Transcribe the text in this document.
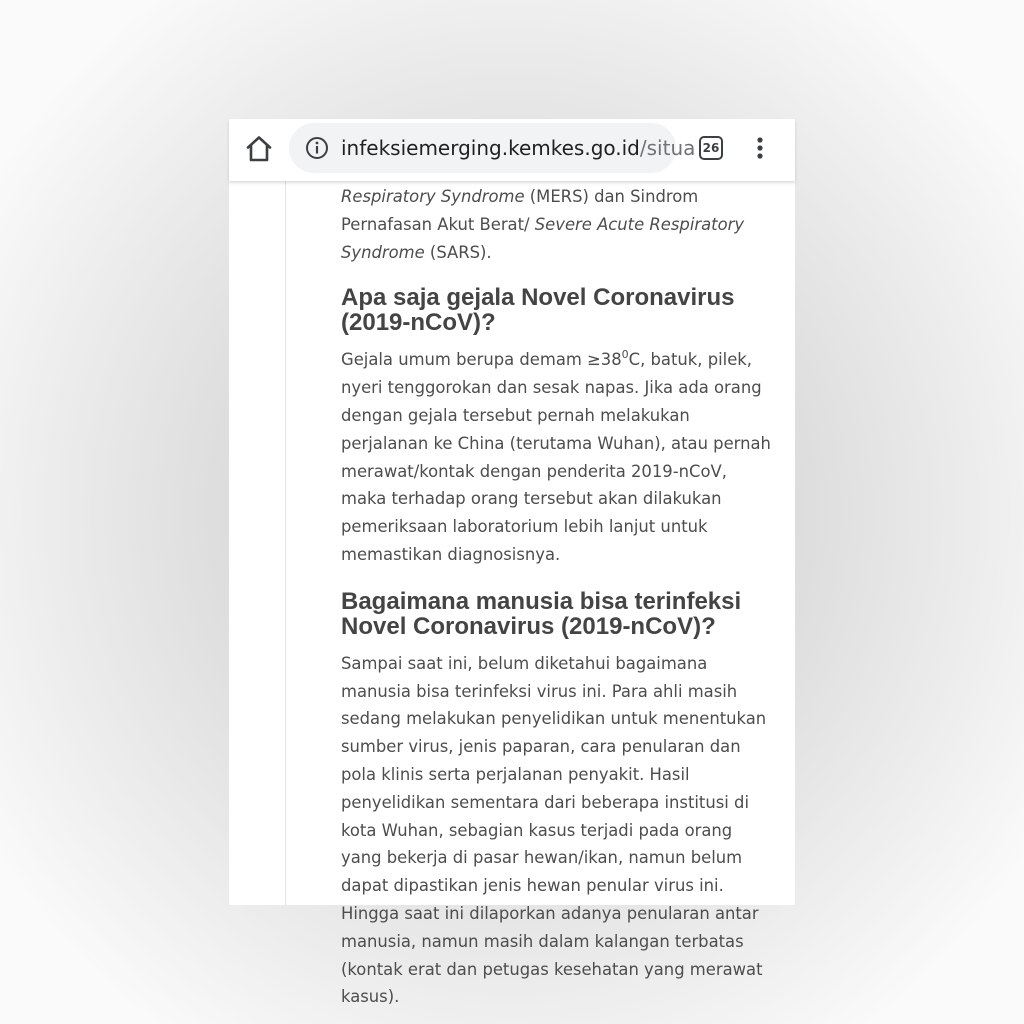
infeksiemerging.kemkes.go.id/situa 26

Respiratory Syndrome (MERS) dan Sindrom Pernafasan Akut Berat/ Severe Acute Respiratory Syndrome (SARS).

Apa saja gejala Novel Coronavirus (2019-nCoV)?

Gejala umum berupa demam $\ge 38^0C$, batuk, pilek, nyeri tenggorokan dan sesak napas. Jika ada orang dengan gejala tersebut pernah melakukan perjalanan ke China (terutama Wuhan), atau pernah merawat/kontak dengan penderita 2019-nCoV, maka terhadap orang tersebut akan dilakukan pemeriksaan laboratorium lebih lanjut untuk memastikan diagnosisnya.

Bagaimana manusia bisa terinfeksi Novel Coronavirus (2019-nCoV)?

Sampai saat ini, belum diketahui bagaimana manusia bisa terinfeksi virus ini. Para ahli masih sedang melakukan penyelidikan untuk menentukan sumber virus, jenis paparan, cara penularan dan pola klinis serta perjalanan penyakit. Hasil penyelidikan sementara dari beberapa institusi di kota Wuhan, sebagian kasus terjadi pada orang yang bekerja di pasar hewan/ikan, namun belum dapat dipastikan jenis hewan penular virus ini. Hingga saat ini dilaporkan adanya penularan antar manusia, namun masih dalam kalangan terbatas (kontak erat dan petugas kesehatan yang merawat kasus).
